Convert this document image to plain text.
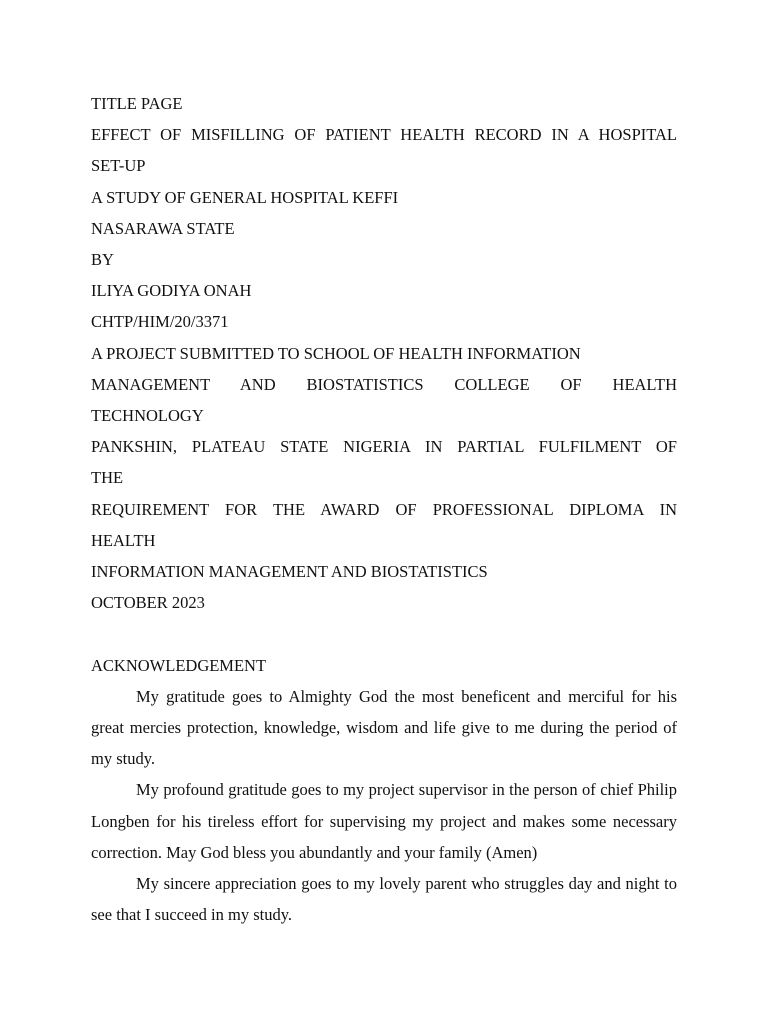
TITLE PAGE
EFFECT OF MISFILLING OF PATIENT HEALTH RECORD IN A HOSPITAL
SET-UP
A STUDY OF GENERAL HOSPITAL KEFFI
NASARAWA STATE
BY
ILIYA GODIYA ONAH
CHTP/HIM/20/3371
A PROJECT SUBMITTED TO SCHOOL OF HEALTH INFORMATION
MANAGEMENT AND BIOSTATISTICS COLLEGE OF HEALTH
TECHNOLOGY
PANKSHIN, PLATEAU STATE NIGERIA IN PARTIAL FULFILMENT OF
THE
REQUIREMENT FOR THE AWARD OF PROFESSIONAL DIPLOMA IN
HEALTH
INFORMATION MANAGEMENT AND BIOSTATISTICS
OCTOBER 2023
ACKNOWLEDGEMENT

My gratitude goes to Almighty God the most beneficent and merciful for his great mercies protection, knowledge, wisdom and life give to me during the period of my study.

My profound gratitude goes to my project supervisor in the person of chief Philip Longben for his tireless effort for supervising my project and makes some necessary correction. May God bless you abundantly and your family (Amen)

My sincere appreciation goes to my lovely parent who struggles day and night to see that I succeed in my study.
